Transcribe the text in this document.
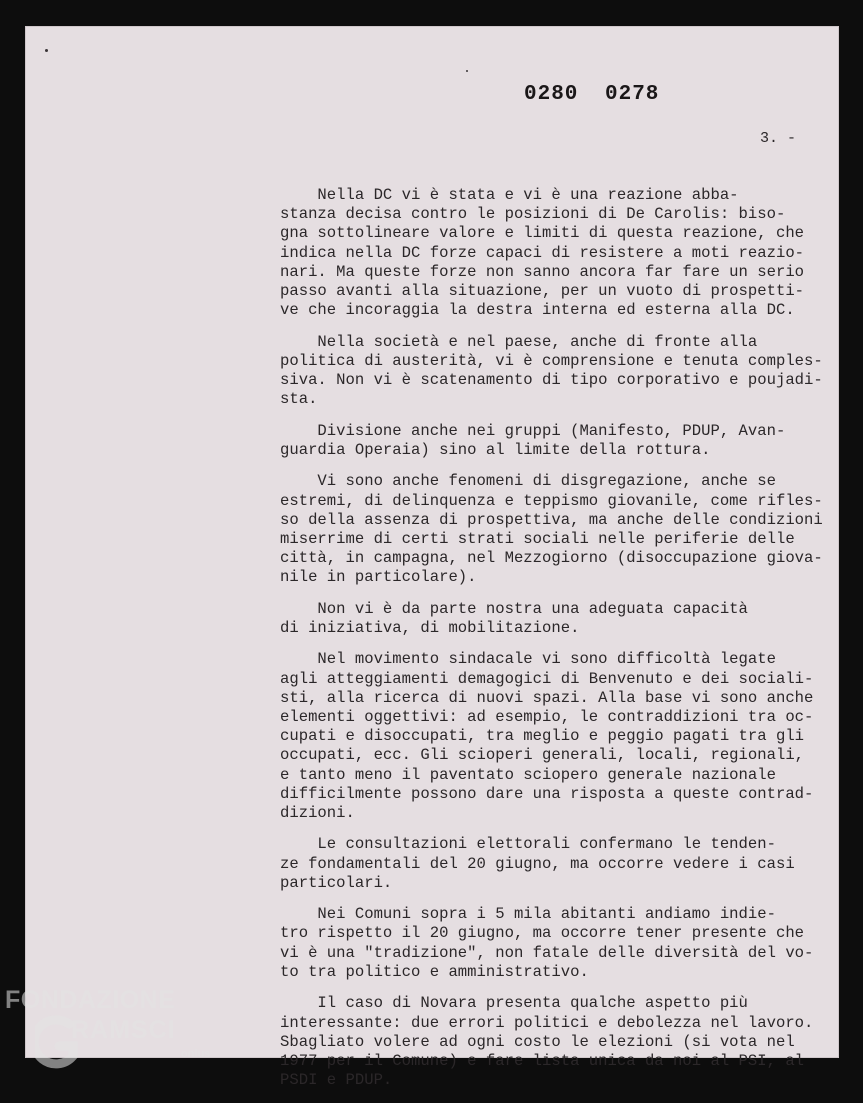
0280 0278
3. -
Nella DC vi è stata e vi è una reazione abba-
stanza decisa contro le posizioni di De Carolis: biso-
gna sottolineare valore e limiti di questa reazione, che
indica nella DC forze capaci di resistere a moti reazio-
nari. Ma queste forze non sanno ancora far fare un serio
passo avanti alla situazione, per un vuoto di prospetti-
ve che incoraggia la destra interna ed esterna alla DC.
Nella società e nel paese, anche di fronte alla
politica di austerità, vi è comprensione e tenuta comples-
siva. Non vi è scatenamento di tipo corporativo e poujadi-
sta.
Divisione anche nei gruppi (Manifesto, PDUP, Avan-
guardia Operaia) sino al limite della rottura.
Vi sono anche fenomeni di disgregazione, anche se
estremi, di delinquenza e teppismo giovanile, come rifles-
so della assenza di prospettiva, ma anche delle condizioni
miserrime di certi strati sociali nelle periferie delle
città, in campagna, nel Mezzogiorno (disoccupazione giova-
nile in particolare).
Non vi è da parte nostra una adeguata capacità
di iniziativa, di mobilitazione.
Nel movimento sindacale vi sono difficoltà legate
agli atteggiamenti demagogici di Benvenuto e dei sociali-
sti, alla ricerca di nuovi spazi. Alla base vi sono anche
elementi oggettivi: ad esempio, le contraddizioni tra oc-
cupati e disoccupati, tra meglio e peggio pagati tra gli
occupati, ecc. Gli scioperi generali, locali, regionali,
e tanto meno il paventato sciopero generale nazionale
difficilmente possono dare una risposta a queste contrad-
dizioni.
Le consultazioni elettorali confermano le tenden-
ze fondamentali del 20 giugno, ma occorre vedere i casi
particolari.
Nei Comuni sopra i 5 mila abitanti andiamo indie-
tro rispetto il 20 giugno, ma occorre tener presente che
vi è una "tradizione", non fatale delle diversità del vo-
to tra politico e amministrativo.
Il caso di Novara presenta qualche aspetto più
interessante: due errori politici e debolezza nel lavoro.
Sbagliato volere ad ogni costo le elezioni (si vota nel
1977 per il Comune) e fare lista unica da noi al PSI, al
PSDI e PDUP.
FONDAZIONE
RAMSCI
onlus
